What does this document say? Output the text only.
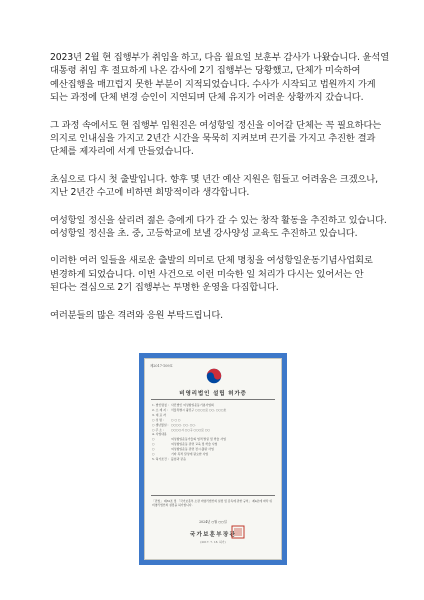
2023년 2월 현 집행부가 취임을 하고, 다음 월요일 보훈부 감사가 나왔습니다. 윤석열 대통령 취임 후 절묘하게 나온 감사에 2기 집행부는 당황했고, 단체가 미숙하여 예산집행을 매끄럽지 못한 부분이 지적되었습니다. 수사가 시작되고 법원까지 가게 되는 과정에 단체 변경 승인이 지연되며 단체 유지가 어려운 상황까지 갔습니다.

그 과정 속에서도 현 집행부 임원진은 여성항일 정신을 이어갈 단체는 꼭 필요하다는 의지로 인내심을 가지고 2년간 시간을 묵묵히 지켜보며 끈기를 가지고 추진한 결과 단체를 제자리에 서게 만들었습니다.

초심으로 다시 첫 출발입니다. 향후 몇 년간 예산 지원은 힘들고 어려움은 크겠으나, 지난 2년간 수고에 비하면 희망적이라 생각합니다.

여성항일 정신을 살리려 젊은 층에게 다가 갈 수 있는 창작 활동을 추진하고 있습니다. 여성항일 정신을 초. 중, 고등학교에 보낼 강사양성 교육도 추진하고 있습니다.

이러한 여러 일들을 새로운 출발의 의미로 단체 명칭을 여성항일운동기념사업회로 변경하게 되었습니다. 이번 사건으로 이런 미숙한 일 처리가 다시는 있어서는 안 된다는 결심으로 2기 집행부는 투명한 운영을 다짐합니다.

여러분들의 많은 격려와 응원 부탁드립니다.

제2017-109호
비영리법인 설립 허가증
1. 법인명칭 : 사단법인 여성항일운동기념사업회
2. 소 재 지 : 서울특별시 광진구 ○○○○로 ○○, ○○○호
3. 대 표 자
○ 성 명 : ○ ○ ○
○ 생년월일 : ○○○○. ○○. ○○.
○ 주 소 : ○○○○시 ○○구 ○○○로 ○○
4. 사업내용
○	여성항일운동가들의 업적 발굴 및 학술 사업
○	여성항일운동 관련 교육 및 학술 사업
○	여성항일운동 관련 전시·출판 사업
○	기타 목적 달성에 필요한 사업
5. 허가조건 : 붙임과 같음
「민법」 제32조 및 「국가보훈부 소관 비영리법인의 설립 및 감독에 관한 규칙」 제4조에 따라 위 비영리법인의 설립을 허가합니다.
2024년 ○월 ○○일
국가보훈부장관
(2017. 7. 18. 허가)
